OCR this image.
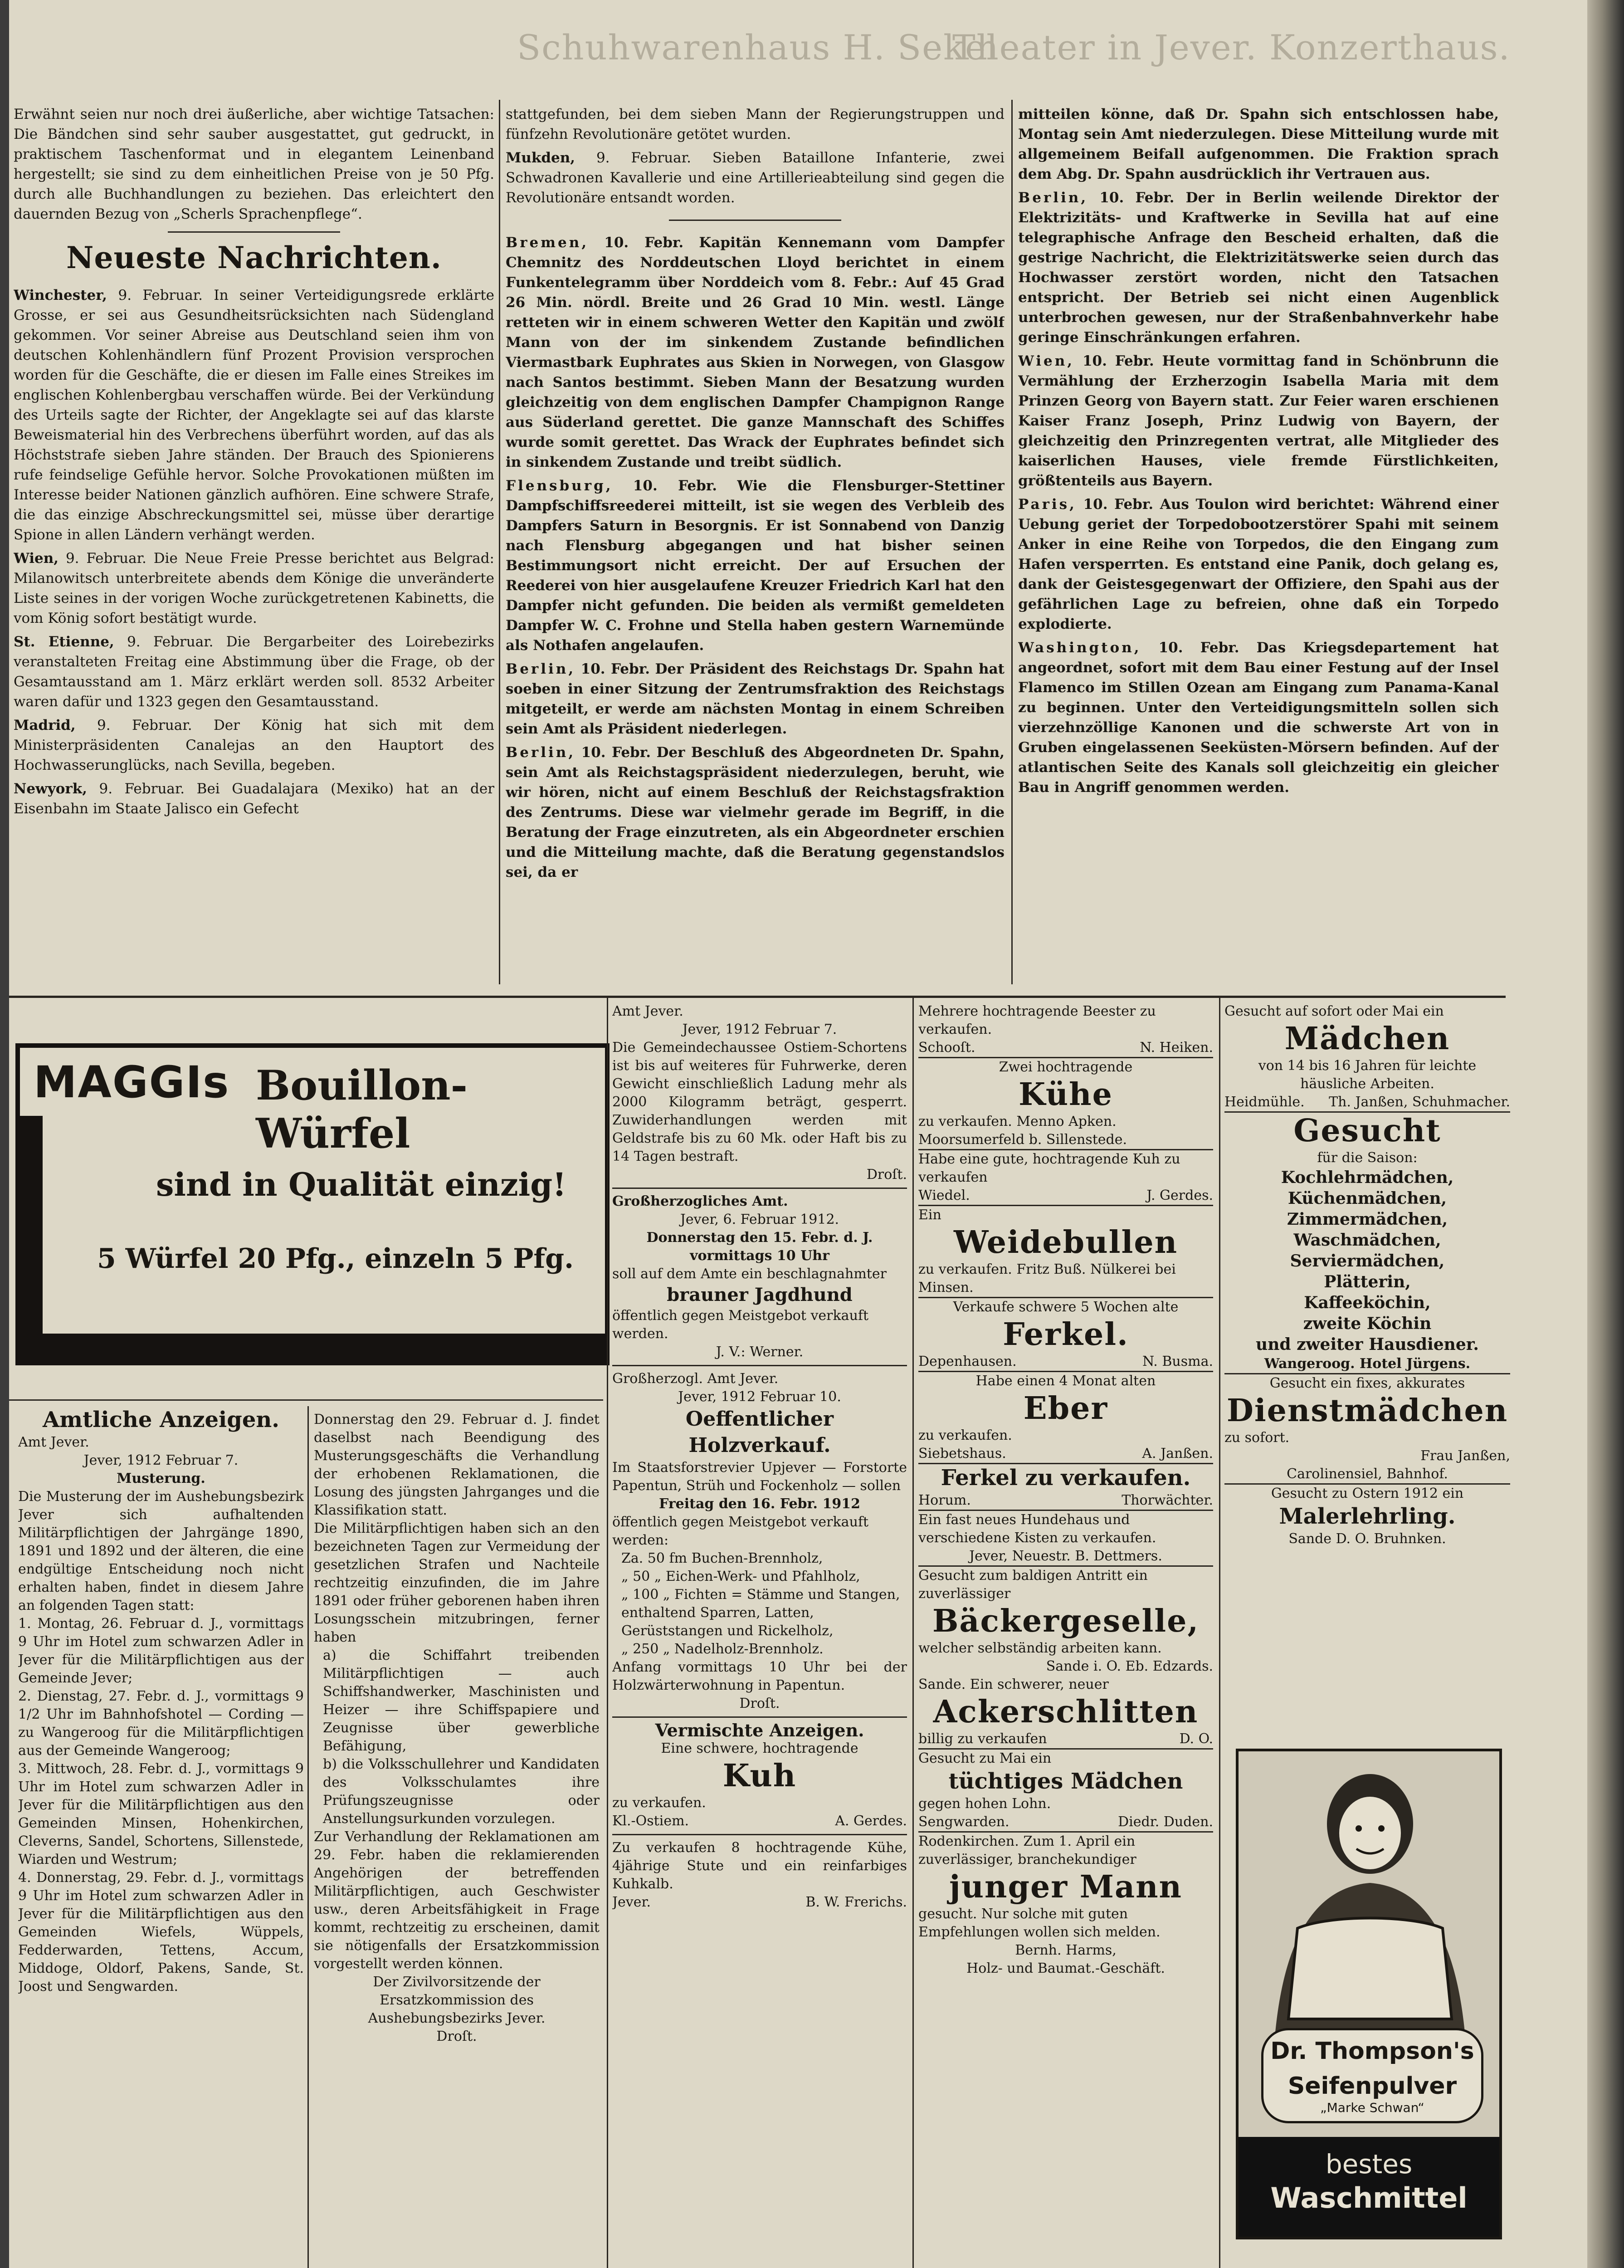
Schuhwarenhaus H. Sekel
Theater in Jever. Konzerthaus.

Erwähnt seien nur noch drei äußerliche, aber wichtige Tatsachen: Die Bändchen sind sehr sauber ausgestattet, gut gedruckt, in praktischem Taschenformat und in elegantem Leinenband hergestellt; sie sind zu dem einheitlichen Preise von je 50 Pfg. durch alle Buchhandlungen zu beziehen. Das erleichtert den dauernden Bezug von „Scherls Sprachenpflege“.

Neueste Nachrichten.

Winchester, 9. Februar. In seiner Verteidigungsrede erklärte Grosse, er sei aus Gesundheitsrücksichten nach Südengland gekommen. Vor seiner Abreise aus Deutschland seien ihm von deutschen Kohlenhändlern fünf Prozent Provision versprochen worden für die Geschäfte, die er diesen im Falle eines Streikes im englischen Kohlenbergbau verschaffen würde. Bei der Verkündung des Urteils sagte der Richter, der Angeklagte sei auf das klarste Beweismaterial hin des Verbrechens überführt worden, auf das als Höchststrafe sieben Jahre ständen. Der Brauch des Spionierens rufe feindselige Gefühle hervor. Solche Provokationen müßten im Interesse beider Nationen gänzlich aufhören. Eine schwere Strafe, die das einzige Abschreckungsmittel sei, müsse über derartige Spione in allen Ländern verhängt werden.

Wien, 9. Februar. Die Neue Freie Presse berichtet aus Belgrad: Milanowitsch unterbreitete abends dem Könige die unveränderte Liste seines in der vorigen Woche zurückgetretenen Kabinetts, die vom König sofort bestätigt wurde.

St. Etienne, 9. Februar. Die Bergarbeiter des Loirebezirks veranstalteten Freitag eine Abstimmung über die Frage, ob der Gesamtausstand am 1. März erklärt werden soll. 8532 Arbeiter waren dafür und 1323 gegen den Gesamtausstand.

Madrid, 9. Februar. Der König hat sich mit dem Ministerpräsidenten Canalejas an den Hauptort des Hochwasserunglücks, nach Sevilla, begeben.

Newyork, 9. Februar. Bei Guadalajara (Mexiko) hat an der Eisenbahn im Staate Jalisco ein Gefecht

stattgefunden, bei dem sieben Mann der Regierungstruppen und fünfzehn Revolutionäre getötet wurden.

Mukden, 9. Februar. Sieben Bataillone Infanterie, zwei Schwadronen Kavallerie und eine Artillerieabteilung sind gegen die Revolutionäre entsandt worden.

Bremen, 10. Febr. Kapitän Kennemann vom Dampfer Chemnitz des Norddeutschen Lloyd berichtet in einem Funkentelegramm über Norddeich vom 8. Febr.: Auf 45 Grad 26 Min. nördl. Breite und 26 Grad 10 Min. westl. Länge retteten wir in einem schweren Wetter den Kapitän und zwölf Mann von der im sinkendem Zustande befindlichen Viermastbark Euphrates aus Skien in Norwegen, von Glasgow nach Santos bestimmt. Sieben Mann der Besatzung wurden gleichzeitig von dem englischen Dampfer Champignon Range aus Süderland gerettet. Die ganze Mannschaft des Schiffes wurde somit gerettet. Das Wrack der Euphrates befindet sich in sinkendem Zustande und treibt südlich.

Flensburg, 10. Febr. Wie die Flensburger-Stettiner Dampfschiffsreederei mitteilt, ist sie wegen des Verbleib des Dampfers Saturn in Besorgnis. Er ist Sonnabend von Danzig nach Flensburg abgegangen und hat bisher seinen Bestimmungsort nicht erreicht. Der auf Ersuchen der Reederei von hier ausgelaufene Kreuzer Friedrich Karl hat den Dampfer nicht gefunden. Die beiden als vermißt gemeldeten Dampfer W. C. Frohne und Stella haben gestern Warnemünde als Nothafen angelaufen.

Berlin, 10. Febr. Der Präsident des Reichstags Dr. Spahn hat soeben in einer Sitzung der Zentrumsfraktion des Reichstags mitgeteilt, er werde am nächsten Montag in einem Schreiben sein Amt als Präsident niederlegen.

Berlin, 10. Febr. Der Beschluß des Abgeordneten Dr. Spahn, sein Amt als Reichstagspräsident niederzulegen, beruht, wie wir hören, nicht auf einem Beschluß der Reichstagsfraktion des Zentrums. Diese war vielmehr gerade im Begriff, in die Beratung der Frage einzutreten, als ein Abgeordneter erschien und die Mitteilung machte, daß die Beratung gegenstandslos sei, da er

mitteilen könne, daß Dr. Spahn sich entschlossen habe, Montag sein Amt niederzulegen. Diese Mitteilung wurde mit allgemeinem Beifall aufgenommen. Die Fraktion sprach dem Abg. Dr. Spahn ausdrücklich ihr Vertrauen aus.

Berlin, 10. Febr. Der in Berlin weilende Direktor der Elektrizitäts- und Kraftwerke in Sevilla hat auf eine telegraphische Anfrage den Bescheid erhalten, daß die gestrige Nachricht, die Elektrizitätswerke seien durch das Hochwasser zerstört worden, nicht den Tatsachen entspricht. Der Betrieb sei nicht einen Augenblick unterbrochen gewesen, nur der Straßenbahnverkehr habe geringe Einschränkungen erfahren.

Wien, 10. Febr. Heute vormittag fand in Schönbrunn die Vermählung der Erzherzogin Isabella Maria mit dem Prinzen Georg von Bayern statt. Zur Feier waren erschienen Kaiser Franz Joseph, Prinz Ludwig von Bayern, der gleichzeitig den Prinzregenten vertrat, alle Mitglieder des kaiserlichen Hauses, viele fremde Fürstlichkeiten, größtenteils aus Bayern.

Paris, 10. Febr. Aus Toulon wird berichtet: Während einer Uebung geriet der Torpedobootzerstörer Spahi mit seinem Anker in eine Reihe von Torpedos, die den Eingang zum Hafen versperrten. Es entstand eine Panik, doch gelang es, dank der Geistesgegenwart der Offiziere, den Spahi aus der gefährlichen Lage zu befreien, ohne daß ein Torpedo explodierte.

Washington, 10. Febr. Das Kriegsdepartement hat angeordnet, sofort mit dem Bau einer Festung auf der Insel Flamenco im Stillen Ozean am Eingang zum Panama-Kanal zu beginnen. Unter den Verteidigungsmitteln sollen sich vierzehnzöllige Kanonen und die schwerste Art von in Gruben eingelassenen Seeküsten-Mörsern befinden. Auf der atlantischen Seite des Kanals soll gleichzeitig ein gleicher Bau in Angriff genommen werden.

MAGGIs Bouillon-Würfel
sind in Qualität einzig!
5 Würfel 20 Pfg., einzeln 5 Pfg.
Amtliche Anzeigen.
Amt Jever.
Jever, 1912 Februar 7.
Musterung.
Die Musterung der im Aushebungsbezirk Jever sich aufhaltenden Militärpflichtigen der Jahrgänge 1890, 1891 und 1892 und der älteren, die eine endgültige Entscheidung noch nicht erhalten haben, findet in diesem Jahre an folgenden Tagen statt:
1. Montag, 26. Februar d. J., vormittags 9 Uhr im Hotel zum schwarzen Adler in Jever für die Militärpflichtigen aus der Gemeinde Jever;
2. Dienstag, 27. Febr. d. J., vormittags 9 1/2 Uhr im Bahnhofshotel — Cording — zu Wangeroog für die Militärpflichtigen aus der Gemeinde Wangeroog;
3. Mittwoch, 28. Febr. d. J., vormittags 9 Uhr im Hotel zum schwarzen Adler in Jever für die Militärpflichtigen aus den Gemeinden Minsen, Hohenkirchen, Cleverns, Sandel, Schortens, Sillenstede, Wiarden und Westrum;
4. Donnerstag, 29. Febr. d. J., vormittags 9 Uhr im Hotel zum schwarzen Adler in Jever für die Militärpflichtigen aus den Gemeinden Wiefels, Wüppels, Fedderwarden, Tettens, Accum, Middoge, Oldorf, Pakens, Sande, St. Joost und Sengwarden.
Donnerstag den 29. Februar d. J. findet daselbst nach Beendigung des Musterungsgeschäfts die Verhandlung der erhobenen Reklamationen, die Losung des jüngsten Jahrganges und die Klassifikation statt.
Die Militärpflichtigen haben sich an den bezeichneten Tagen zur Vermeidung der gesetzlichen Strafen und Nachteile rechtzeitig einzufinden, die im Jahre 1891 oder früher geborenen haben ihren Losungsschein mitzubringen, ferner haben
a) die Schiffahrt treibenden Militärpflichtigen — auch Schiffshandwerker, Maschinisten und Heizer — ihre Schiffspapiere und Zeugnisse über gewerbliche Befähigung,
b) die Volksschullehrer und Kandidaten des Volksschulamtes ihre Prüfungszeugnisse oder Anstellungsurkunden vorzulegen.
Zur Verhandlung der Reklamationen am 29. Febr. haben die reklamierenden Angehörigen der betreffenden Militärpflichtigen, auch Geschwister usw., deren Arbeitsfähigkeit in Frage kommt, rechtzeitig zu erscheinen, damit sie nötigenfalls der Ersatzkommission vorgestellt werden können.
Der Zivilvorsitzende der Ersatzkommission des Aushebungsbezirks Jever.
Droſt.
Amt Jever.
Jever, 1912 Februar 7.
Die Gemeindechaussee Ostiem-Schortens ist bis auf weiteres für Fuhrwerke, deren Gewicht einschließlich Ladung mehr als 2000 Kilogramm beträgt, gesperrt. Zuwiderhandlungen werden mit Geldstrafe bis zu 60 Mk. oder Haft bis zu 14 Tagen bestraft.
Droſt.
Großherzogliches Amt.
Jever, 6. Februar 1912.
Donnerstag den 15. Febr. d. J. vormittags 10 Uhr
soll auf dem Amte ein beschlagnahmter
brauner Jagdhund
öffentlich gegen Meistgebot verkauft werden.
J. V.: Werner.
Großherzogl. Amt Jever.
Jever, 1912 Februar 10.
Oeffentlicher Holzverkauf.
Im Staatsforstrevier Upjever — Forstorte Papentun, Strüh und Fockenholz — sollen
Freitag den 16. Febr. 1912
öffentlich gegen Meistgebot verkauft werden:
Za. 50 fm Buchen-Brennholz,
„ 50 „ Eichen-Werk- und Pfahlholz,
„ 100 „ Fichten = Stämme und Stangen, enthaltend Sparren, Latten, Gerüststangen und Rickelholz,
„ 250 „ Nadelholz-Brennholz.
Anfang vormittags 10 Uhr bei der Holzwärterwohnung in Papentun.
Droſt.
Vermischte Anzeigen.
Eine schwere, hochtragende
Kuh
zu verkaufen.
Kl.-Ostiem.	A. Gerdes.
Zu verkaufen 8 hochtragende Kühe, 4jährige Stute und ein reinfarbiges Kuhkalb.
Jever.	B. W. Frerichs.
Mehrere hochtragende Beester zu verkaufen.
Schooſt.	N. Heiken.
Zwei hochtragende
Kühe
zu verkaufen. Menno Apken. Moorsumerfeld b. Sillenstede.
Habe eine gute, hochtragende Kuh zu verkaufen
Wiedel.	J. Gerdes.
Ein
Weidebullen
zu verkaufen. Fritz Buß. Nülkerei bei Minsen.
Verkaufe schwere 5 Wochen alte
Ferkel.
Depenhausen.	N. Busma.
Habe einen 4 Monat alten
Eber
zu verkaufen.
Siebetshaus.	A. Janßen.
Ferkel zu verkaufen.
Horum.	Thorwächter.
Ein fast neues Hundehaus und verschiedene Kisten zu verkaufen.
Jever, Neuestr. B. Dettmers.
Gesucht zum baldigen Antritt ein zuverlässiger
Bäckergeselle,
welcher selbständig arbeiten kann.
Sande i. O. Eb. Edzards.
Sande. Ein schwerer, neuer
Ackerschlitten
billig zu verkaufen	D. O.
Gesucht zu Mai ein
tüchtiges Mädchen
gegen hohen Lohn.
Sengwarden.	Diedr. Duden.
Rodenkirchen. Zum 1. April ein zuverlässiger, branchekundiger
junger Mann
gesucht. Nur solche mit guten Empfehlungen wollen sich melden.
Bernh. Harms,
Holz- und Baumat.-Geschäft.
Gesucht auf sofort oder Mai ein
Mädchen
von 14 bis 16 Jahren für leichte häusliche Arbeiten.
Heidmühle. Th. Janßen, Schuhmacher.
Gesucht
für die Saison:
Kochlehrmädchen,
Küchenmädchen,
Zimmermädchen,
Waschmädchen,
Serviermädchen,
Plätterin,
Kaffeeköchin,
zweite Köchin
und zweiter Hausdiener.
Wangeroog. Hotel Jürgens.
Gesucht ein fixes, akkurates
Dienstmädchen
zu sofort.
Frau Janßen,
Carolinensiel, Bahnhof.
Gesucht zu Ostern 1912 ein
Malerlehrling.
Sande D. O. Bruhnken.
Dr. Thompson's
Seifenpulver
„Marke Schwan“
bestes
Waschmittel
